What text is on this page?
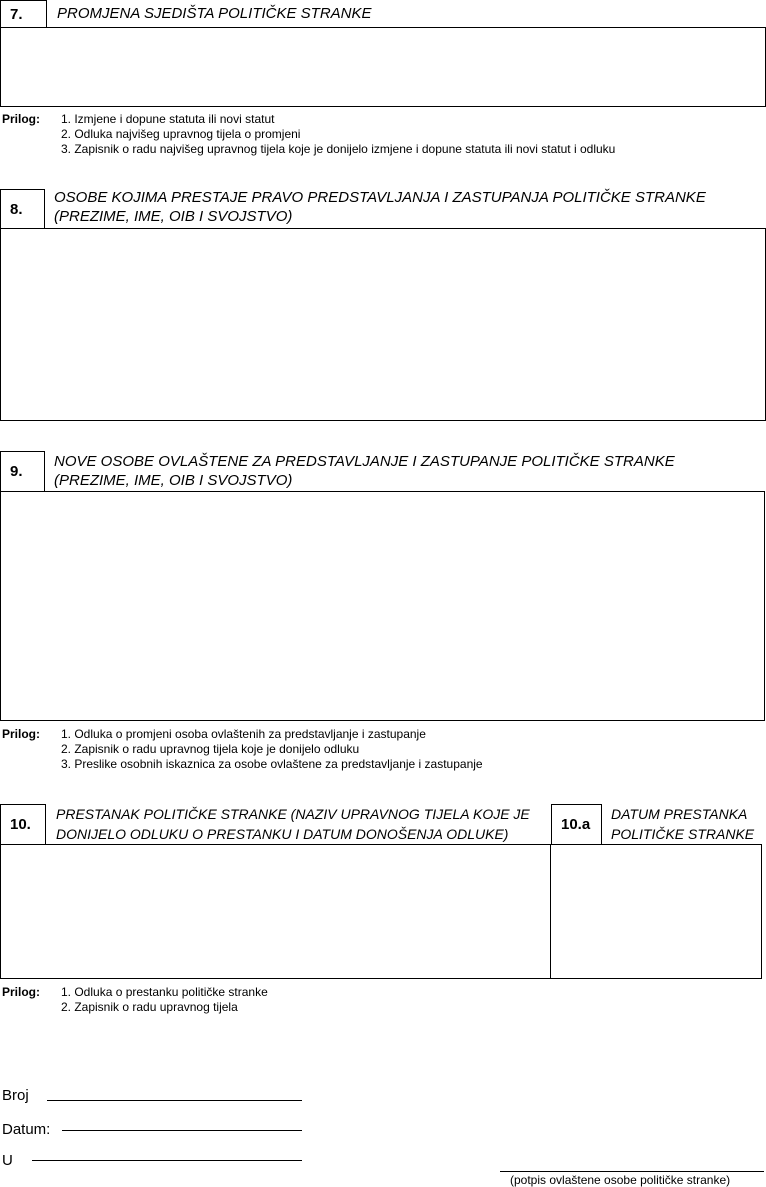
7. PROMJENA SJEDIŠTA POLITIČKE STRANKE
Prilog: 1. Izmjene i dopune statuta ili novi statut
2. Odluka najvišeg upravnog tijela o promjeni
3. Zapisnik o radu najvišeg upravnog tijela koje je donijelo izmjene i dopune statuta ili novi statut i odluku
8.
OSOBE KOJIMA PRESTAJE PRAVO PREDSTAVLJANJA I ZASTUPANJA POLITIČKE STRANKE
(PREZIME, IME, OIB I SVOJSTVO)
9.
NOVE OSOBE OVLAŠTENE ZA PREDSTAVLJANJE I ZASTUPANJE POLITIČKE STRANKE
(PREZIME, IME, OIB I SVOJSTVO)
Prilog: 1. Odluka o promjeni osoba ovlaštenih za predstavljanje i zastupanje
2. Zapisnik o radu upravnog tijela koje je donijelo odluku
3. Preslike osobnih iskaznica za osobe ovlaštene za predstavljanje i zastupanje
10.
PRESTANAK POLITIČKE STRANKE (NAZIV UPRAVNOG TIJELA KOJE JE
DONIJELO ODLUKU O PRESTANKU I DATUM DONOŠENJA ODLUKE)
10.a
DATUM PRESTANKA
POLITIČKE STRANKE
Prilog: 1. Odluka o prestanku političke stranke
2. Zapisnik o radu upravnog tijela
Broj
Datum:
U
(potpis ovlaštene osobe političke stranke)
